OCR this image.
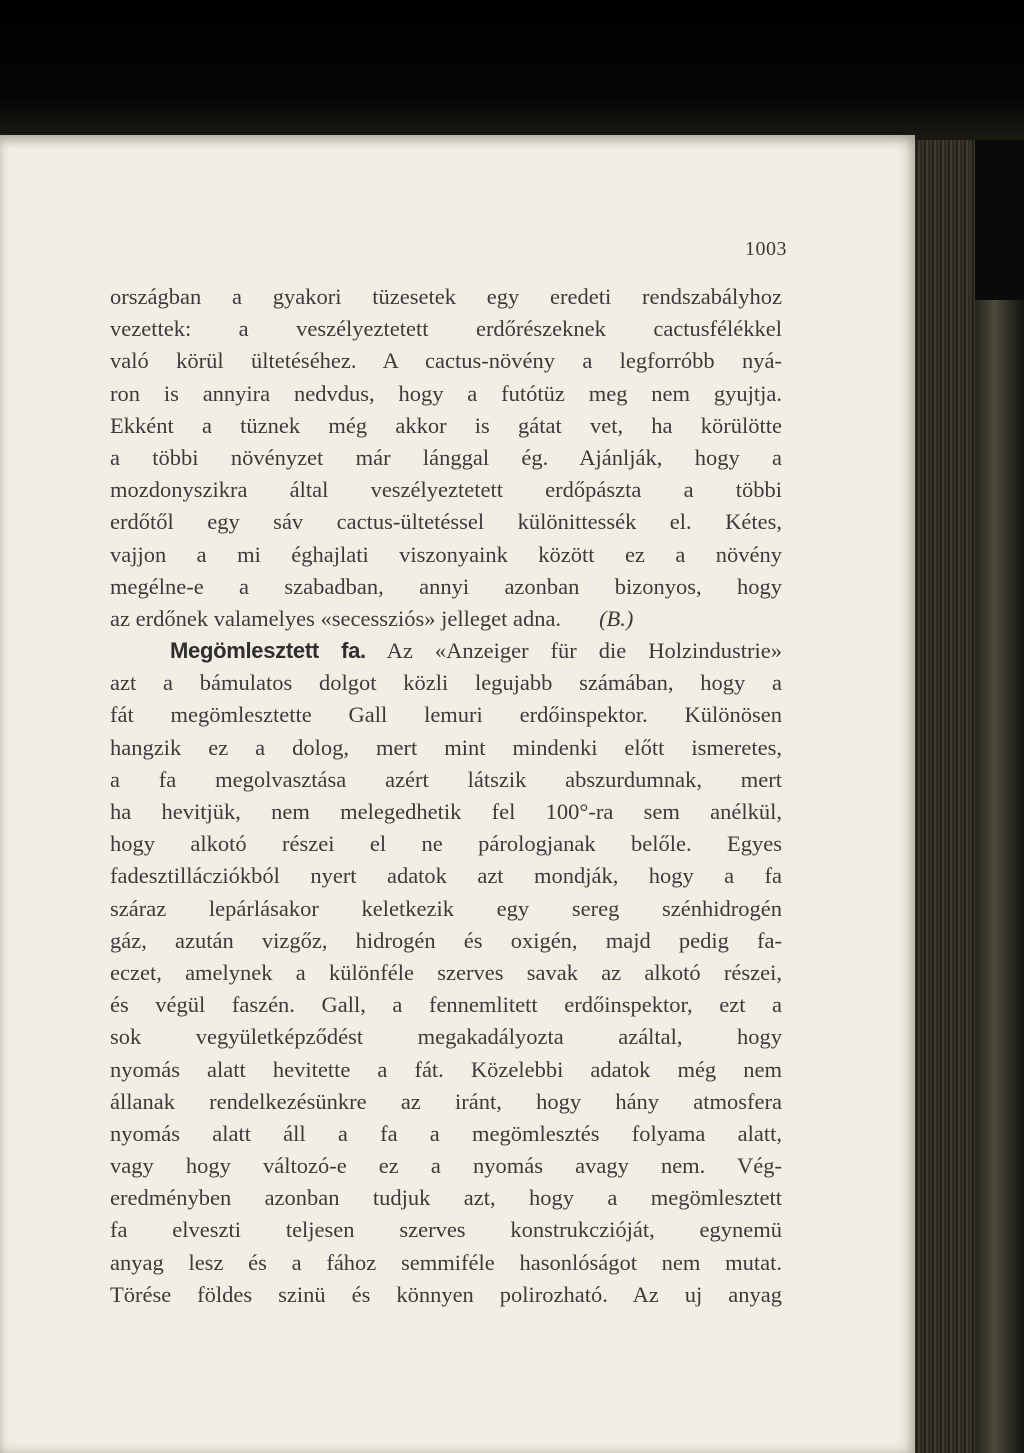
1003
országban a gyakori tüzesetek egy eredeti rendszabályhoz
vezettek: a veszélyeztetett erdőrészeknek cactusfélékkel
való körül ültetéséhez. A cactus-növény a legforróbb nyá-
ron is annyira nedvdus, hogy a futótüz meg nem gyujtja.
Ekként a tüznek még akkor is gátat vet, ha körülötte
a többi növényzet már lánggal ég. Ajánlják, hogy a
mozdonyszikra által veszélyeztetett erdőpászta a többi
erdőtől egy sáv cactus-ültetéssel különittessék el. Kétes,
vajjon a mi éghajlati viszonyaink között ez a növény
megélne-e a szabadban, annyi azonban bizonyos, hogy
az erdőnek valamelyes «secessziós» jelleget adna. (B.)
Megömlesztett fa. Az «Anzeiger für die Holzindustrie»
azt a bámulatos dolgot közli legujabb számában, hogy a
fát megömlesztette Gall lemuri erdőinspektor. Különösen
hangzik ez a dolog, mert mint mindenki előtt ismeretes,
a fa megolvasztása azért látszik abszurdumnak, mert
ha hevitjük, nem melegedhetik fel 100°-ra sem anélkül,
hogy alkotó részei el ne párologjanak belőle. Egyes
fadesztillácziókból nyert adatok azt mondják, hogy a fa
száraz lepárlásakor keletkezik egy sereg szénhidrogén
gáz, azután vizgőz, hidrogén és oxigén, majd pedig fa-
eczet, amelynek a különféle szerves savak az alkotó részei,
és végül faszén. Gall, a fennemlitett erdőinspektor, ezt a
sok vegyületképződést megakadályozta azáltal, hogy
nyomás alatt hevitette a fát. Közelebbi adatok még nem
állanak rendelkezésünkre az iránt, hogy hány atmosfera
nyomás alatt áll a fa a megömlesztés folyama alatt,
vagy hogy változó-e ez a nyomás avagy nem. Vég-
eredményben azonban tudjuk azt, hogy a megömlesztett
fa elveszti teljesen szerves konstrukczióját, egynemü
anyag lesz és a fához semmiféle hasonlóságot nem mutat.
Törése földes szinü és könnyen polirozható. Az uj anyag
